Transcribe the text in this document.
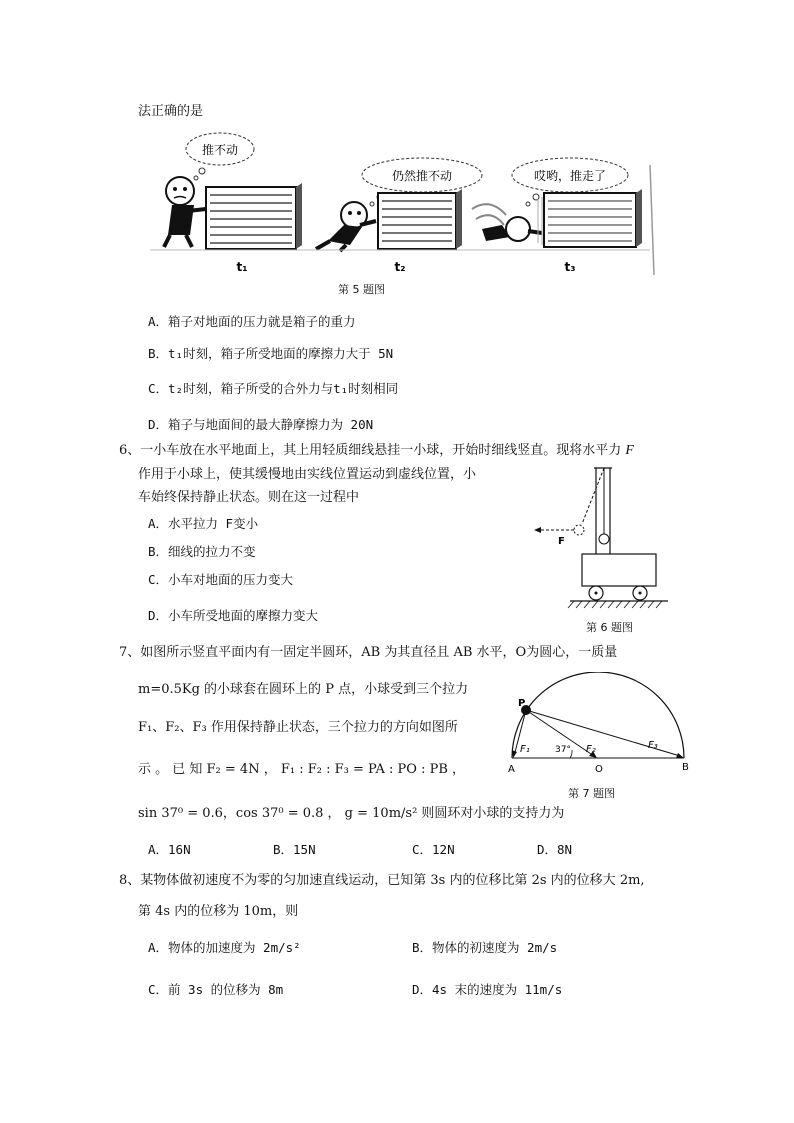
法正确的是
推不动
仍然推不动	哎哟，推走了
t₁	t₂	t₃
第 5 题图
A．箱子对地面的压力就是箱子的重力
B．t₁时刻，箱子所受地面的摩擦力大于 5N
C．t₂时刻，箱子所受的合外力与t₁时刻相同
D．箱子与地面间的最大静摩擦力为 20N
6、一小车放在水平地面上，其上用轻质细线悬挂一小球，开始时细线竖直。现将水平力 F
作用于小球上，使其缓慢地由实线位置运动到虚线位置，小
车始终保持静止状态。则在这一过程中
A．水平拉力 F变小
B．细线的拉力不变
C．小车对地面的压力变大
D．小车所受地面的摩擦力变大
F
第 6 题图
7、如图所示竖直平面内有一固定半圆环，AB 为其直径且 AB 水平，O为圆心，一质量
m=0.5Kg 的小球套在圆环上的 P 点，小球受到三个拉力
F₁、F₂、F₃ 作用保持静止状态，三个拉力的方向如图所
示 。 已 知 F₂ = 4N ， F₁ : F₂ : F₃ = PA : PO : PB ，
sin 37⁰ = 0.6，cos 37⁰ = 0.8 ， g = 10m/s² 则圆环对小球的支持力为
P
A	O	B
F₁	F₂	F₃
37°
第 7 题图
A．16N	B．15N	C．12N	D．8N
8、某物体做初速度不为零的匀加速直线运动，已知第 3s 内的位移比第 2s 内的位移大 2m,
第 4s 内的位移为 10m，则
A．物体的加速度为 2m/s²	B．物体的初速度为 2m/s
C．前 3s 的位移为 8m	D．4s 末的速度为 11m/s
